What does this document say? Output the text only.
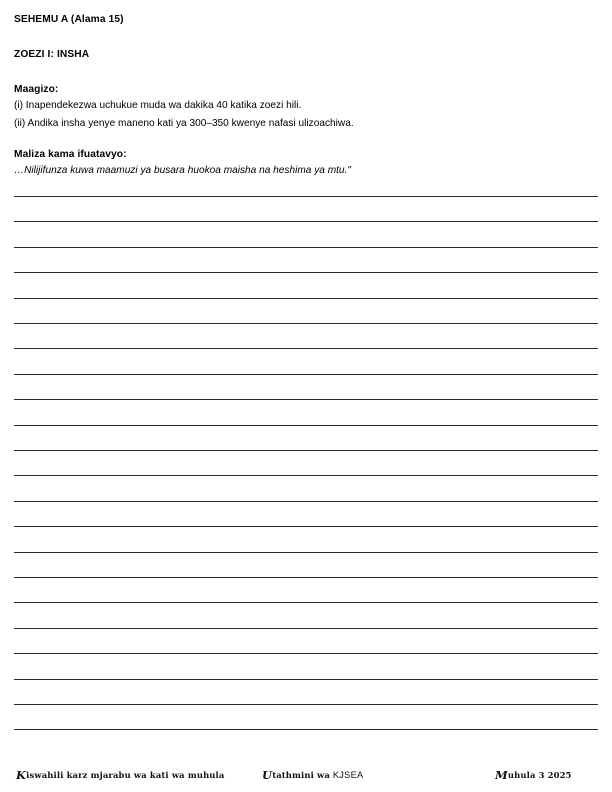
SEHEMU A (Alama 15)

ZOEZI I: INSHA

Maagizo:

(i) Inapendekezwa uchukue muda wa dakika 40 katika zoezi hili.

(ii) Andika insha yenye maneno kati ya 300–350 kwenye nafasi ulizoachiwa.

Maliza kama ifuatavyo:

…Nilijifunza kuwa maamuzi ya busara huokoa maisha na heshima ya mtu."

Kiswahili karz mjarabu wa kati wa muhula	Utathmini wa KJSEA	Muhula 3 2025
